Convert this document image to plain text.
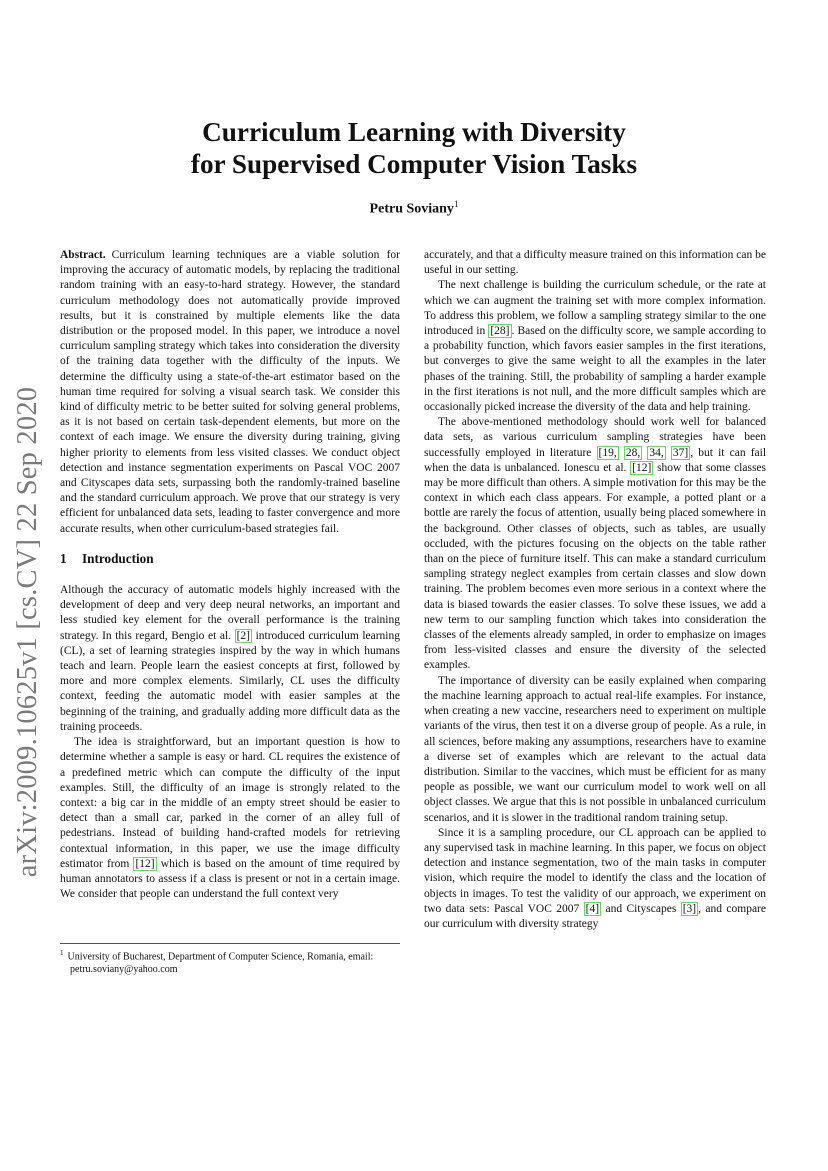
arXiv:2009.10625v1 [cs.CV] 22 Sep 2020
Curriculum Learning with Diversity
for Supervised Computer Vision Tasks
Petru Soviany$^1$

Abstract. Curriculum learning techniques are a viable solution for improving the accuracy of automatic models, by replacing the traditional random training with an easy-to-hard strategy. However, the standard curriculum methodology does not automatically provide improved results, but it is constrained by multiple elements like the data distribution or the proposed model. In this paper, we introduce a novel curriculum sampling strategy which takes into consideration the diversity of the training data together with the difficulty of the inputs. We determine the difficulty using a state-of-the-art estimator based on the human time required for solving a visual search task. We consider this kind of difficulty metric to be better suited for solving general problems, as it is not based on certain task-dependent elements, but more on the context of each image. We ensure the diversity during training, giving higher priority to elements from less visited classes. We conduct object detection and instance segmentation experiments on Pascal VOC 2007 and Cityscapes data sets, surpassing both the randomly-trained baseline and the standard curriculum approach. We prove that our strategy is very efficient for unbalanced data sets, leading to faster convergence and more accurate results, when other curriculum-based strategies fail.

1 Introduction

Although the accuracy of automatic models highly increased with the development of deep and very deep neural networks, an important and less studied key element for the overall performance is the training strategy. In this regard, Bengio et al. [2] introduced curriculum learning (CL), a set of learning strategies inspired by the way in which humans teach and learn. People learn the easiest concepts at first, followed by more and more complex elements. Similarly, CL uses the difficulty context, feeding the automatic model with easier samples at the beginning of the training, and gradually adding more difficult data as the training proceeds.

The idea is straightforward, but an important question is how to determine whether a sample is easy or hard. CL requires the existence of a predefined metric which can compute the difficulty of the input examples. Still, the difficulty of an image is strongly related to the context: a big car in the middle of an empty street should be easier to detect than a small car, parked in the corner of an alley full of pedestrians. Instead of building hand-crafted models for retrieving contextual information, in this paper, we use the image difficulty estimator from [12] which is based on the amount of time required by human annotators to assess if a class is present or not in a certain image. We consider that people can understand the full context very

$^1$ University of Bucharest, Department of Computer Science, Romania, email: petru.soviany@yahoo.com

accurately, and that a difficulty measure trained on this information can be useful in our setting.

The next challenge is building the curriculum schedule, or the rate at which we can augment the training set with more complex information. To address this problem, we follow a sampling strategy similar to the one introduced in [28] . Based on the difficulty score, we sample according to a probability function, which favors easier samples in the first iterations, but converges to give the same weight to all the examples in the later phases of the training. Still, the probability of sampling a harder example in the first iterations is not null, and the more difficult samples which are occasionally picked increase the diversity of the data and help training.

The above-mentioned methodology should work well for balanced data sets, as various curriculum sampling strategies have been successfully employed in literature [19, 28, 34, 37] , but it can fail when the data is unbalanced. Ionescu et al. [12] show that some classes may be more difficult than others. A simple motivation for this may be the context in which each class appears. For example, a potted plant or a bottle are rarely the focus of attention, usually being placed somewhere in the background. Other classes of objects, such as tables, are usually occluded, with the pictures focusing on the objects on the table rather than on the piece of furniture itself. This can make a standard curriculum sampling strategy neglect examples from certain classes and slow down training. The problem becomes even more serious in a context where the data is biased towards the easier classes. To solve these issues, we add a new term to our sampling function which takes into consideration the classes of the elements already sampled, in order to emphasize on images from less-visited classes and ensure the diversity of the selected examples.

The importance of diversity can be easily explained when comparing the machine learning approach to actual real-life examples. For instance, when creating a new vaccine, researchers need to experiment on multiple variants of the virus, then test it on a diverse group of people. As a rule, in all sciences, before making any assumptions, researchers have to examine a diverse set of examples which are relevant to the actual data distribution. Similar to the vaccines, which must be efficient for as many people as possible, we want our curriculum model to work well on all object classes. We argue that this is not possible in unbalanced curriculum scenarios, and it is slower in the traditional random training setup.

Since it is a sampling procedure, our CL approach can be applied to any supervised task in machine learning. In this paper, we focus on object detection and instance segmentation, two of the main tasks in computer vision, which require the model to identify the class and the location of objects in images. To test the validity of our approach, we experiment on two data sets: Pascal VOC 2007 [4] and Cityscapes [3] , and compare our curriculum with diversity strategy
